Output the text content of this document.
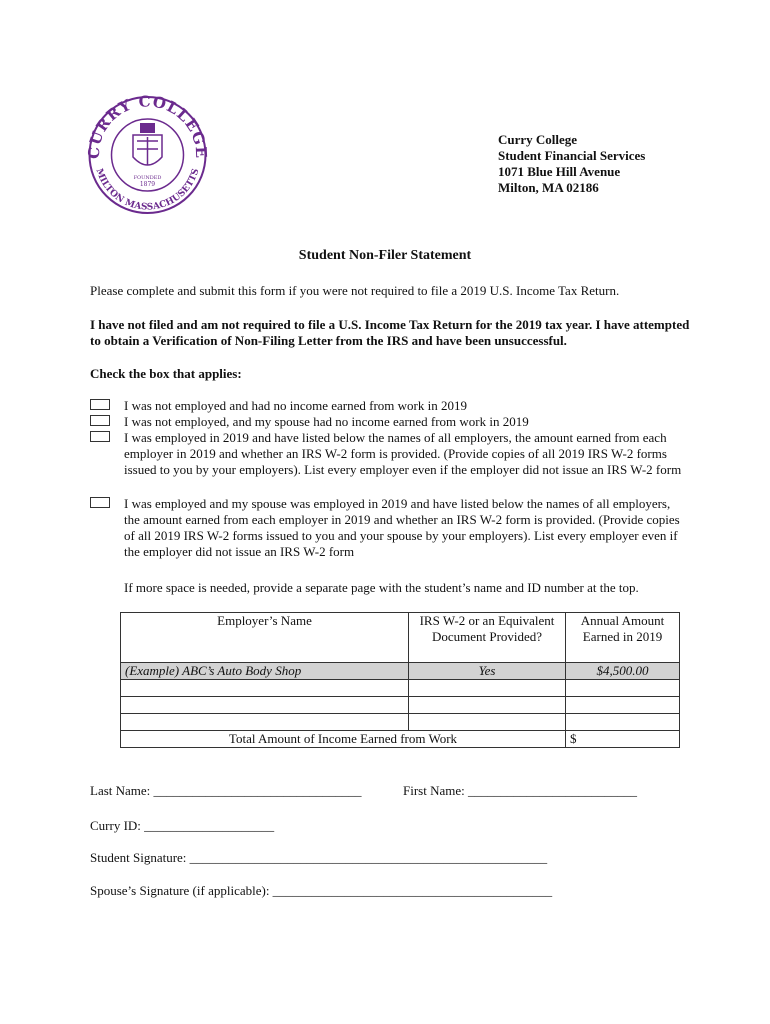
CURRY COLLEGE
MILTON MASSACHUSETTS
FOUNDED
1879
Curry College
Student Financial Services
1071 Blue Hill Avenue
Milton, MA 02186
Student Non-Filer Statement
Please complete and submit this form if you were not required to file a 2019 U.S. Income Tax Return.
I have not filed and am not required to file a U.S. Income Tax Return for the 2019 tax year. I have attempted to obtain a Verification of Non-Filing Letter from the IRS and have been unsuccessful.
Check the box that applies:
I was not employed and had no income earned from work in 2019
I was not employed, and my spouse had no income earned from work in 2019
I was employed in 2019 and have listed below the names of all employers, the amount earned from each employer in 2019 and whether an IRS W-2 form is provided. (Provide copies of all 2019 IRS W-2 forms issued to you by your employers). List every employer even if the employer did not issue an IRS W-2 form
I was employed and my spouse was employed in 2019 and have listed below the names of all employers, the amount earned from each employer in 2019 and whether an IRS W-2 form is provided. (Provide copies of all 2019 IRS W-2 forms issued to you and your spouse by your employers). List every employer even if the employer did not issue an IRS W-2 form
If more space is needed, provide a separate page with the student’s name and ID number at the top.
Employer’s Name	IRS W-2 or an Equivalent Document Provided?	Annual Amount Earned in 2019
(Example) ABC’s Auto Body Shop	Yes	$4,500.00

Total Amount of Income Earned from Work		$
Last Name: ________________________________	First Name: __________________________
Curry ID: ____________________
Student Signature: _______________________________________________________
Spouse’s Signature (if applicable): ___________________________________________
